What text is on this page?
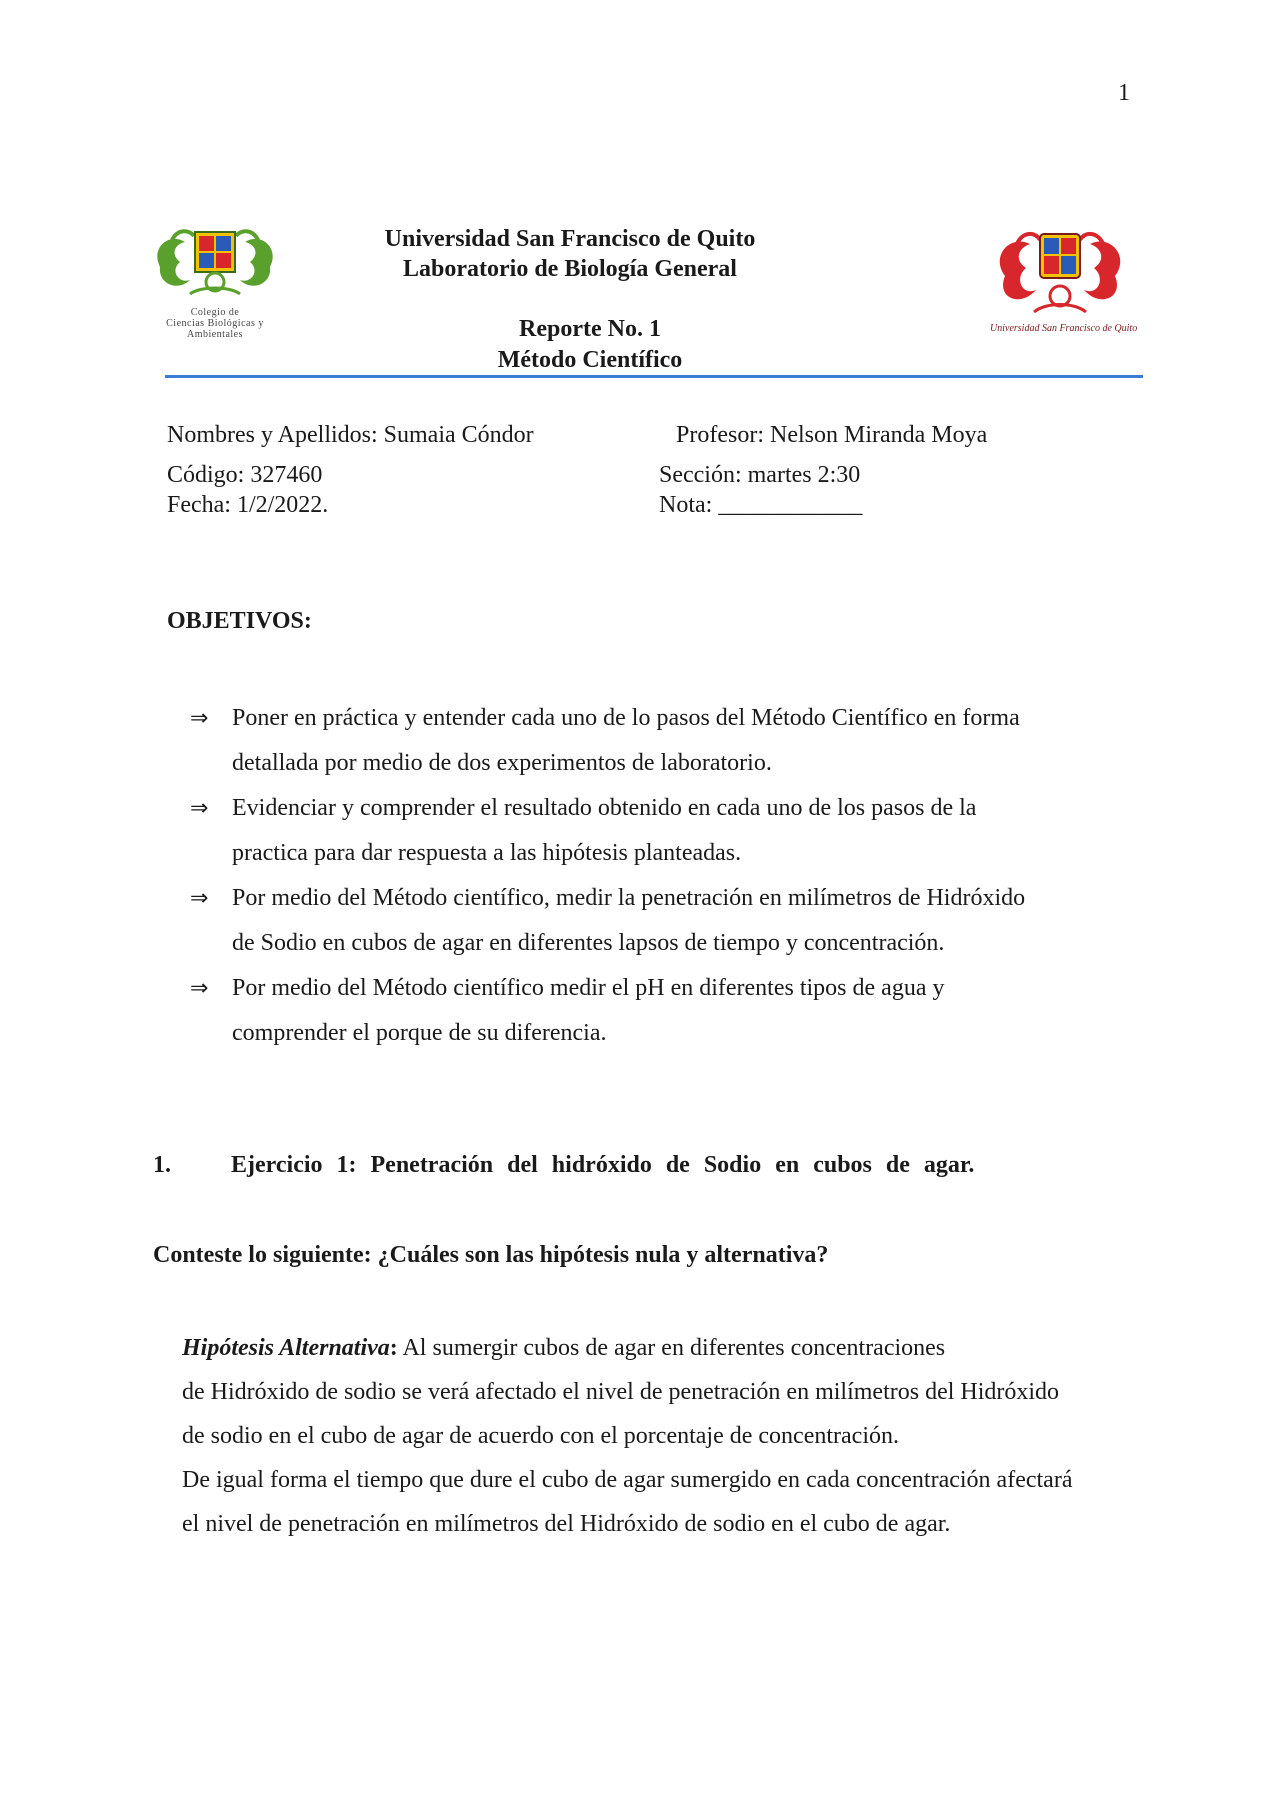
1
Colegio de
Ciencias Biológicas y
Ambientales
Universidad San Francisco de Quito
Universidad San Francisco de Quito
Laboratorio de Biología General
Reporte No. 1
Método Científico
Nombres y Apellidos: Sumaia Cóndor	Profesor: Nelson Miranda Moya
Código: 327460	Sección: martes 2:30
Fecha: 1/2/2022.	Nota: ____________
OBJETIVOS:
⇒ Poner en práctica y entender cada uno de lo pasos del Método Científico en forma
detallada por medio de dos experimentos de laboratorio.
⇒ Evidenciar y comprender el resultado obtenido en cada uno de los pasos de la
practica para dar respuesta a las hipótesis planteadas.
⇒ Por medio del Método científico, medir la penetración en milímetros de Hidróxido
de Sodio en cubos de agar en diferentes lapsos de tiempo y concentración.
⇒ Por medio del Método científico medir el pH en diferentes tipos de agua y
comprender el porque de su diferencia.
1.	Ejercicio 1: Penetración del hidróxido de Sodio en cubos de agar.
Conteste lo siguiente: ¿Cuáles son las hipótesis nula y alternativa?
Hipótesis Alternativa: Al sumergir cubos de agar en diferentes concentraciones
de Hidróxido de sodio se verá afectado el nivel de penetración en milímetros del Hidróxido
de sodio en el cubo de agar de acuerdo con el porcentaje de concentración.
De igual forma el tiempo que dure el cubo de agar sumergido en cada concentración afectará
el nivel de penetración en milímetros del Hidróxido de sodio en el cubo de agar.
